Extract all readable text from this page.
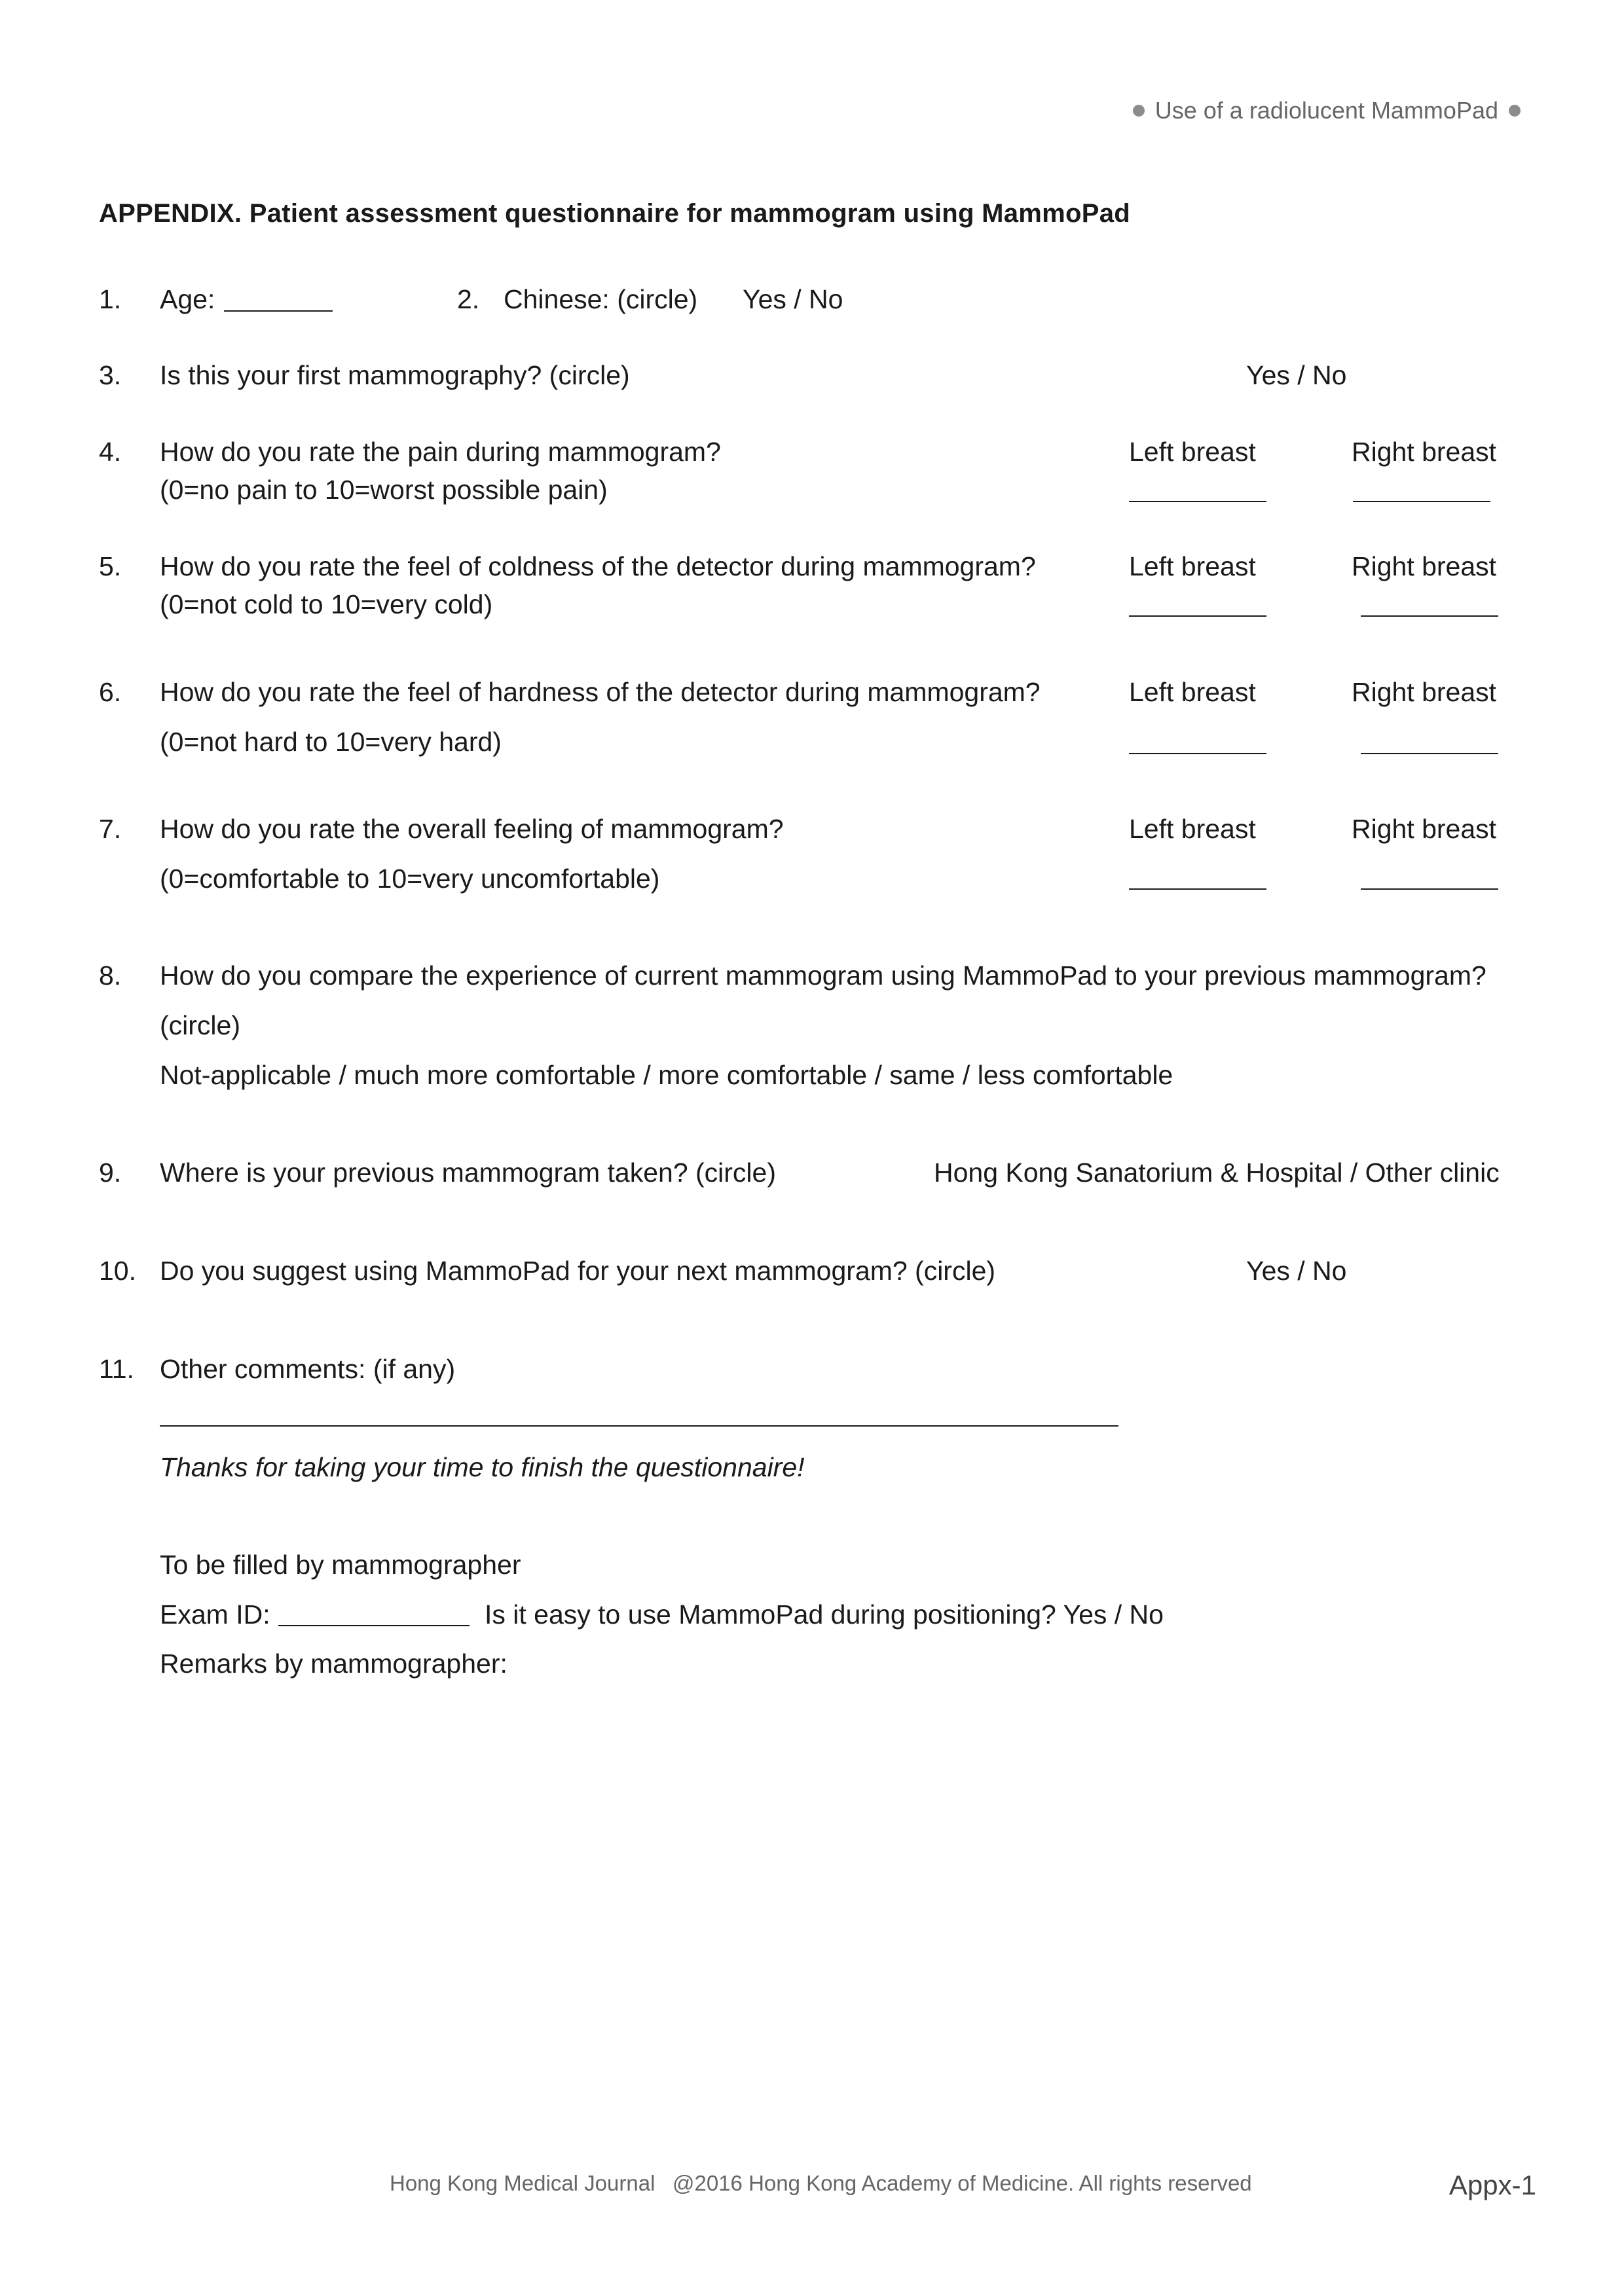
Use of a radiolucent MammoPad
APPENDIX. Patient assessment questionnaire for mammogram using MammoPad
1. Age:	2. Chinese: (circle) Yes / No
3. Is this your first mammography? (circle)	Yes / No
4. How do you rate the pain during mammogram?
(0=no pain to 10=worst possible pain)
Left breast	Right breast
5. How do you rate the feel of coldness of the detector during mammogram?
(0=not cold to 10=very cold)
Left breast	Right breast
6. How do you rate the feel of hardness of the detector during mammogram?
(0=not hard to 10=very hard)
Left breast	Right breast
7. How do you rate the overall feeling of mammogram?
(0=comfortable to 10=very uncomfortable)
Left breast	Right breast
8. How do you compare the experience of current mammogram using MammoPad to your previous mammogram?
(circle)
Not-applicable / much more comfortable / more comfortable / same / less comfortable
9. Where is your previous mammogram taken? (circle)	Hong Kong Sanatorium & Hospital / Other clinic
10. Do you suggest using MammoPad for your next mammogram? (circle)	Yes / No
11. Other comments: (if any)
Thanks for taking your time to finish the questionnaire!
To be filled by mammographer
Exam ID:	Is it easy to use MammoPad during positioning? Yes / No
Remarks by mammographer:
Hong Kong Medical Journal @2016 Hong Kong Academy of Medicine. All rights reserved	Appx-1
